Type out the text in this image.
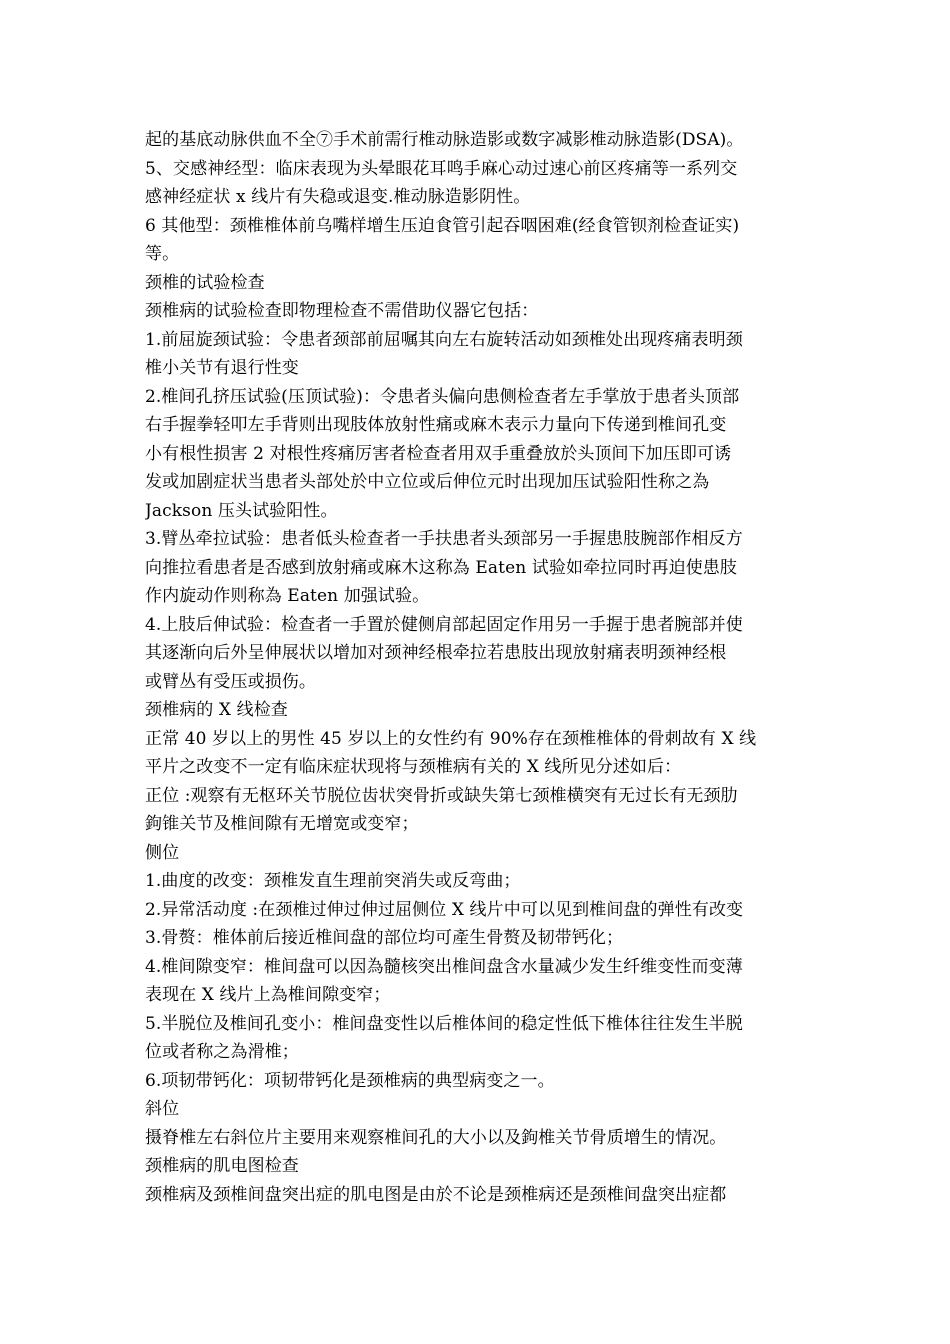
起的基底动脉供血不全⑦手术前需行椎动脉造影或数字减影椎动脉造影(DSA)。
5、交感神经型：临床表现为头晕眼花耳鸣手麻心动过速心前区疼痛等一系列交
感神经症状 x 线片有失稳或退变.椎动脉造影阴性。
6 其他型：颈椎椎体前乌嘴样增生压迫食管引起吞咽困难(经食管钡剂检查证实)
等。
颈椎的试验检查
颈椎病的试验检查即物理检查不需借助仪器它包括：
1.前屈旋颈试验：令患者颈部前屈嘱其向左右旋转活动如颈椎处出现疼痛表明颈
椎小关节有退行性变
2.椎间孔挤压试验(压顶试验)：令患者头偏向患侧检查者左手掌放于患者头顶部
右手握拳轻叩左手背则出现肢体放射性痛或麻木表示力量向下传递到椎间孔变
小有根性损害 2 对根性疼痛厉害者检查者用双手重叠放於头顶间下加压即可诱
发或加剧症状当患者头部处於中立位或后伸位元时出现加压试验阳性称之為
Jackson 压头试验阳性。
3.臂丛牵拉试验：患者低头检查者一手扶患者头颈部另一手握患肢腕部作相反方
向推拉看患者是否感到放射痛或麻木这称為 Eaten 试验如牵拉同时再迫使患肢
作内旋动作则称為 Eaten 加强试验。
4.上肢后伸试验：检查者一手置於健侧肩部起固定作用另一手握于患者腕部并使
其逐渐向后外呈伸展状以增加对颈神经根牵拉若患肢出现放射痛表明颈神经根
或臂丛有受压或损伤。
颈椎病的 X 线检查
正常 40 岁以上的男性 45 岁以上的女性约有 90%存在颈椎椎体的骨刺故有 X 线
平片之改变不一定有临床症状现将与颈椎病有关的 X 线所见分述如后：
正位 :观察有无枢环关节脱位齿状突骨折或缺失第七颈椎横突有无过长有无颈肋
鉤锥关节及椎间隙有无增宽或变窄；
侧位
1.曲度的改变：颈椎发直生理前突消失或反弯曲；
2.异常活动度 :在颈椎过伸过伸过屈侧位 X 线片中可以见到椎间盘的弹性有改变
3.骨赘：椎体前后接近椎间盘的部位均可產生骨赘及韧带钙化；
4.椎间隙变窄：椎间盘可以因為髓核突出椎间盘含水量减少发生纤维变性而变薄
表现在 X 线片上為椎间隙变窄；
5.半脱位及椎间孔变小：椎间盘变性以后椎体间的稳定性低下椎体往往发生半脱
位或者称之為滑椎；
6.项韧带钙化：项韧带钙化是颈椎病的典型病变之一。
斜位
摄脊椎左右斜位片主要用来观察椎间孔的大小以及鉤椎关节骨质增生的情况。
颈椎病的肌电图检查
颈椎病及颈椎间盘突出症的肌电图是由於不论是颈椎病还是颈椎间盘突出症都
